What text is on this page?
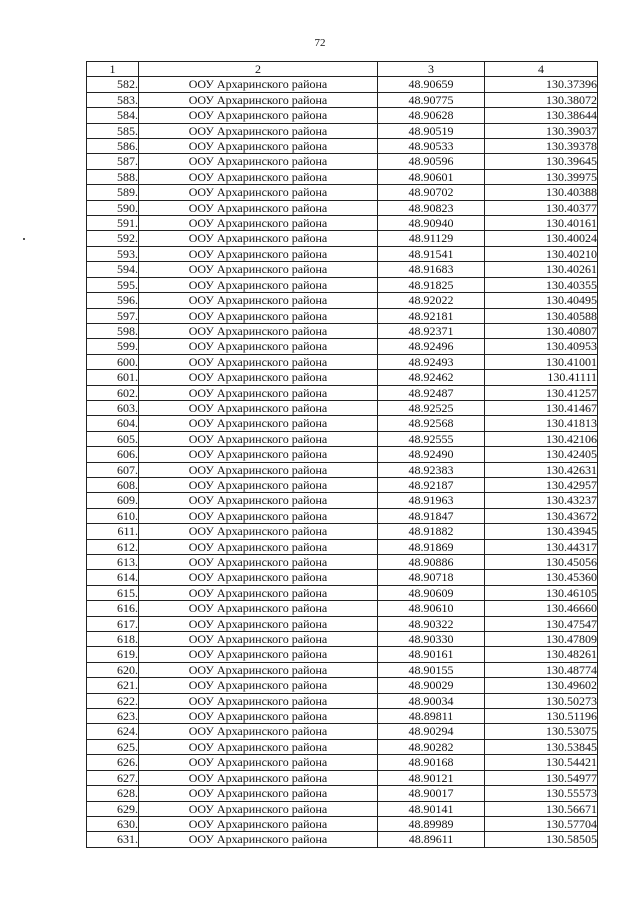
72
1	2	3	4
582.	ООУ Архаринского района	48.90659	130.37396
583.	ООУ Архаринского района	48.90775	130.38072
584.	ООУ Архаринского района	48.90628	130.38644
585.	ООУ Архаринского района	48.90519	130.39037
586.	ООУ Архаринского района	48.90533	130.39378
587.	ООУ Архаринского района	48.90596	130.39645
588.	ООУ Архаринского района	48.90601	130.39975
589.	ООУ Архаринского района	48.90702	130.40388
590.	ООУ Архаринского района	48.90823	130.40377
591.	ООУ Архаринского района	48.90940	130.40161
592.	ООУ Архаринского района	48.91129	130.40024
593.	ООУ Архаринского района	48.91541	130.40210
594.	ООУ Архаринского района	48.91683	130.40261
595.	ООУ Архаринского района	48.91825	130.40355
596.	ООУ Архаринского района	48.92022	130.40495
597.	ООУ Архаринского района	48.92181	130.40588
598.	ООУ Архаринского района	48.92371	130.40807
599.	ООУ Архаринского района	48.92496	130.40953
600.	ООУ Архаринского района	48.92493	130.41001
601.	ООУ Архаринского района	48.92462	130.41111
602.	ООУ Архаринского района	48.92487	130.41257
603.	ООУ Архаринского района	48.92525	130.41467
604.	ООУ Архаринского района	48.92568	130.41813
605.	ООУ Архаринского района	48.92555	130.42106
606.	ООУ Архаринского района	48.92490	130.42405
607.	ООУ Архаринского района	48.92383	130.42631
608.	ООУ Архаринского района	48.92187	130.42957
609.	ООУ Архаринского района	48.91963	130.43237
610.	ООУ Архаринского района	48.91847	130.43672
611.	ООУ Архаринского района	48.91882	130.43945
612.	ООУ Архаринского района	48.91869	130.44317
613.	ООУ Архаринского района	48.90886	130.45056
614.	ООУ Архаринского района	48.90718	130.45360
615.	ООУ Архаринского района	48.90609	130.46105
616.	ООУ Архаринского района	48.90610	130.46660
617.	ООУ Архаринского района	48.90322	130.47547
618.	ООУ Архаринского района	48.90330	130.47809
619.	ООУ Архаринского района	48.90161	130.48261
620.	ООУ Архаринского района	48.90155	130.48774
621.	ООУ Архаринского района	48.90029	130.49602
622.	ООУ Архаринского района	48.90034	130.50273
623.	ООУ Архаринского района	48.89811	130.51196
624.	ООУ Архаринского района	48.90294	130.53075
625.	ООУ Архаринского района	48.90282	130.53845
626.	ООУ Архаринского района	48.90168	130.54421
627.	ООУ Архаринского района	48.90121	130.54977
628.	ООУ Архаринского района	48.90017	130.55573
629.	ООУ Архаринского района	48.90141	130.56671
630.	ООУ Архаринского района	48.89989	130.57704
631.	ООУ Архаринского района	48.89611	130.58505
